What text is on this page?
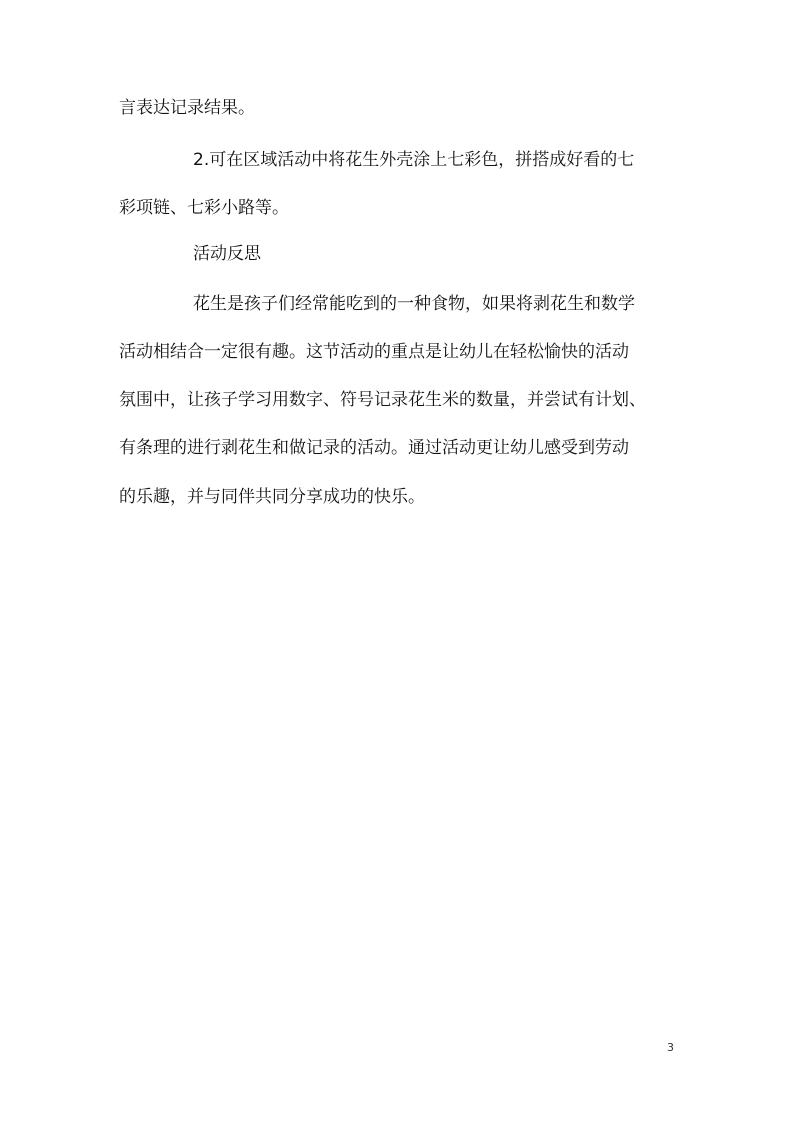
言表达记录结果。
2.可在区域活动中将花生外壳涂上七彩色，拼搭成好看的七
彩项链、七彩小路等。
活动反思
花生是孩子们经常能吃到的一种食物，如果将剥花生和数学
活动相结合一定很有趣。这节活动的重点是让幼儿在轻松愉快的活动
氛围中，让孩子学习用数字、符号记录花生米的数量，并尝试有计划、
有条理的进行剥花生和做记录的活动。通过活动更让幼儿感受到劳动
的乐趣，并与同伴共同分享成功的快乐。
3
